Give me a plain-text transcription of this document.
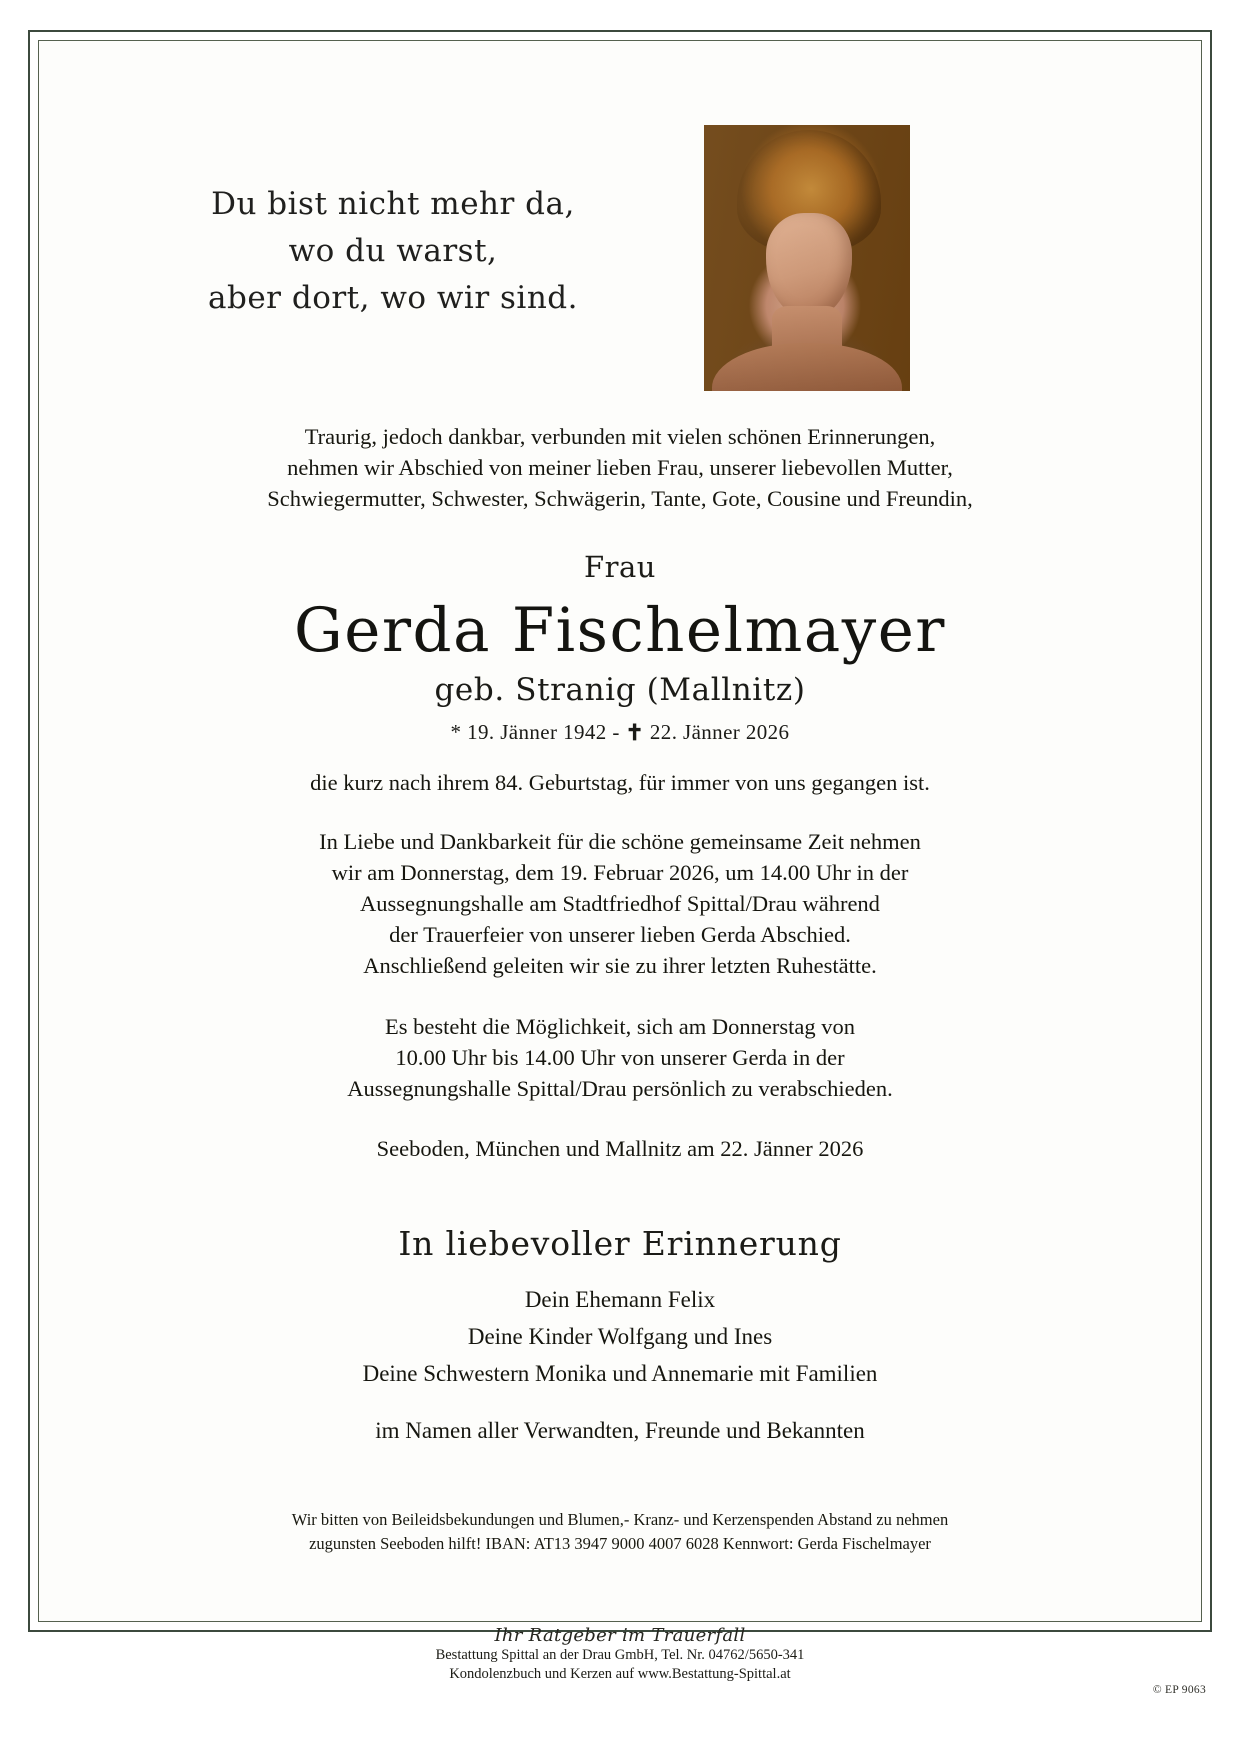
Du bist nicht mehr da,
wo du warst,
aber dort, wo wir sind.
Traurig, jedoch dankbar, verbunden mit vielen schönen Erinnerungen,
nehmen wir Abschied von meiner lieben Frau, unserer liebevollen Mutter,
Schwiegermutter, Schwester, Schwägerin, Tante, Gote, Cousine und Freundin,
Frau
Gerda Fischelmayer
geb. Stranig (Mallnitz)
* 19. Jänner 1942 - ✝ 22. Jänner 2026
die kurz nach ihrem 84. Geburtstag, für immer von uns gegangen ist.
In Liebe und Dankbarkeit für die schöne gemeinsame Zeit nehmen
wir am Donnerstag, dem 19. Februar 2026, um 14.00 Uhr in der
Aussegnungshalle am Stadtfriedhof Spittal/Drau während
der Trauerfeier von unserer lieben Gerda Abschied.
Anschließend geleiten wir sie zu ihrer letzten Ruhestätte.
Es besteht die Möglichkeit, sich am Donnerstag von
10.00 Uhr bis 14.00 Uhr von unserer Gerda in der
Aussegnungshalle Spittal/Drau persönlich zu verabschieden.
Seeboden, München und Mallnitz am 22. Jänner 2026
In liebevoller Erinnerung
Dein Ehemann Felix
Deine Kinder Wolfgang und Ines
Deine Schwestern Monika und Annemarie mit Familien
im Namen aller Verwandten, Freunde und Bekannten
Wir bitten von Beileidsbekundungen und Blumen,- Kranz- und Kerzenspenden Abstand zu nehmen
zugunsten Seeboden hilft! IBAN: AT13 3947 9000 4007 6028 Kennwort: Gerda Fischelmayer
Ihr Ratgeber im Trauerfall
Bestattung Spittal an der Drau GmbH, Tel. Nr. 04762/5650-341
Kondolenzbuch und Kerzen auf www.Bestattung-Spittal.at
© EP 9063
